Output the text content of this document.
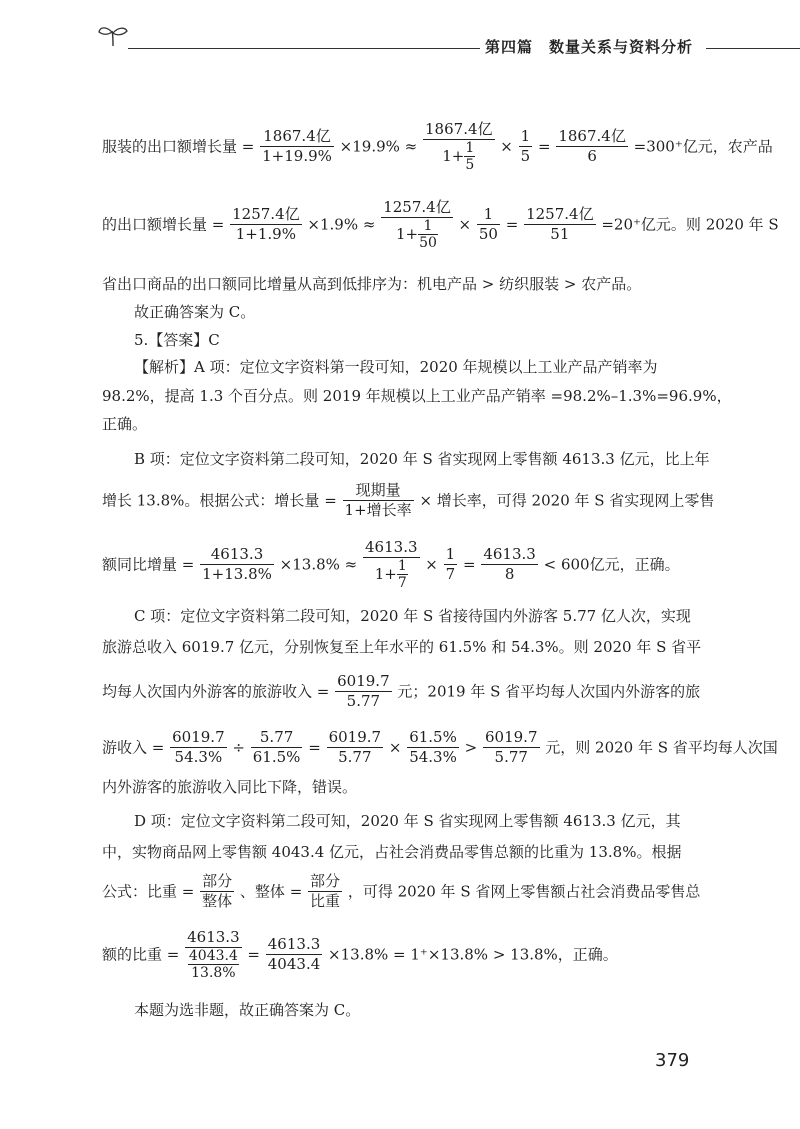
第四篇　数量关系与资料分析
服装的出口额增长量 = $\frac{\text{1867.4亿}}{1+19.9\%} \times 19.9\% \approx \frac{\text{1867.4亿}}{1+ \frac{1}{5}} \times \frac{1}{5} = \frac{\text{1867.4亿}}{6} =300^+$亿元，农产品
的出口额增长量 = $\frac{\text{1257.4亿}}{1+1.9\%} \times 1.9\% \approx \frac{\text{1257.4亿}}{1+ \frac{1}{50}} \times \frac{1}{50} = \frac{\text{1257.4亿}}{51} =20^+$亿元。则 2020 年 S
省出口商品的出口额同比增量从高到低排序为：机电产品 > 纺织服装 > 农产品。
故正确答案为 C。
5.【答案】C
【解析】A 项：定位文字资料第一段可知，2020 年规模以上工业产品产销率为
98.2%，提高 1.3 个百分点。则 2019 年规模以上工业产品产销率 =98.2%–1.3%=96.9%，
正确。
B 项：定位文字资料第二段可知，2020 年 S 省实现网上零售额 4613.3 亿元，比上年
增长 13.8%。根据公式：增长量 = $\frac{\text{现期量}}{\text{1+增长率}}$ × 增长率，可得 2020 年 S 省实现网上零售
额同比增量 = $\frac{4613.3}{1+13.8\%} \times 13.8\% \approx \frac{4613.3}{1+ \frac{1}{7}} \times \frac{1}{7} = \frac{4613.3}{8} < 600$亿元，正确。
C 项：定位文字资料第二段可知，2020 年 S 省接待国内外游客 5.77 亿人次，实现
旅游总收入 6019.7 亿元，分别恢复至上年水平的 61.5% 和 54.3%。则 2020 年 S 省平
均每人次国内外游客的旅游收入 = $\frac{6019.7}{5.77}$ 元；2019 年 S 省平均每人次国内外游客的旅
游收入 = $\frac{6019.7}{54.3\%} \div \frac{5.77}{61.5\%} = \frac{6019.7}{5.77} \times \frac{61.5\%}{54.3\%} > \frac{6019.7}{5.77}$ 元，则 2020 年 S 省平均每人次国
内外游客的旅游收入同比下降，错误。
D 项：定位文字资料第二段可知，2020 年 S 省实现网上零售额 4613.3 亿元，其
中，实物商品网上零售额 4043.4 亿元，占社会消费品零售总额的比重为 13.8%。根据
公式：比重 = $\frac{\text{部分}}{\text{整体}}$ 、整体 = $\frac{\text{部分}}{\text{比重}}$ ，可得 2020 年 S 省网上零售额占社会消费品零售总
额的比重 = $\frac{4613.3}{\frac{4043.4}{13.8\%}} = \frac{4613.3}{4043.4} \times 13.8\% = 1^+\times 13.8\% > 13.8\%$，正确。
本题为选非题，故正确答案为 C。
379
